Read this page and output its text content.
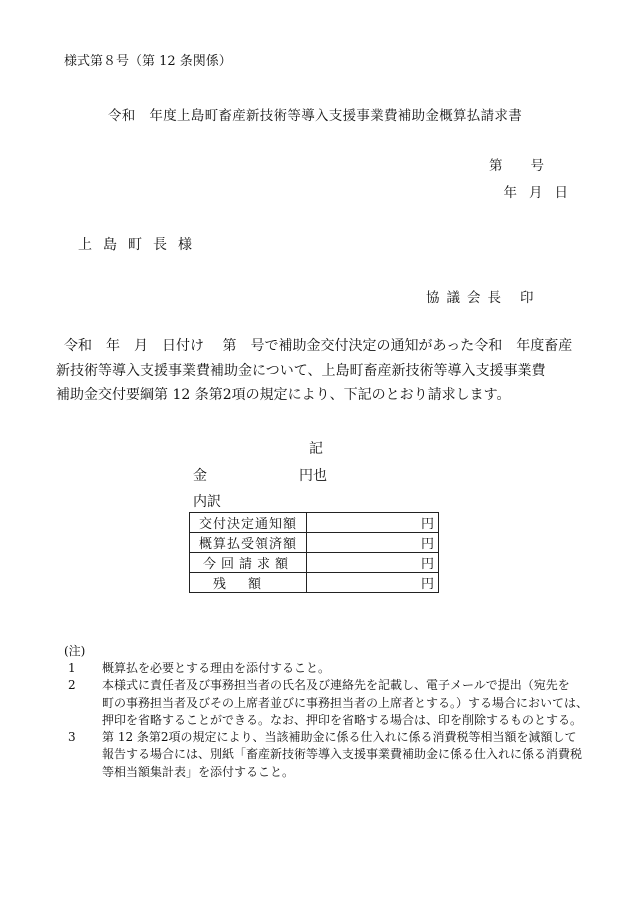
様式第８号（第 12 条関係）
令和　年度上島町畜産新技術等導入支援事業費補助金概算払請求書
第 号
年 月 日
上島町長様
協議会長 印
令和　年　月　日付け　 第　号で補助金交付決定の通知があった令和　年度畜産
新技術等導入支援事業費補助金について、上島町畜産新技術等導入支援事業費
補助金交付要綱第 12 条第2項の規定により、下記のとおり請求します。
記
金	円也
内訳
交付決定通知額	円
概算払受領済額	円
今回請求額	円
残額	円
(注)
1	概算払を必要とする理由を添付すること。
2	本様式に責任者及び事務担当者の氏名及び連絡先を記載し、電子メールで提出（宛先を
町の事務担当者及びその上席者並びに事務担当者の上席者とする。）する場合においては、
押印を省略することができる。なお、押印を省略する場合は、印を削除するものとする。
3	第 12 条第2項の規定により、当該補助金に係る仕入れに係る消費税等相当額を減額して
報告する場合には、別紙「畜産新技術等導入支援事業費補助金に係る仕入れに係る消費税
等相当額集計表」を添付すること。
